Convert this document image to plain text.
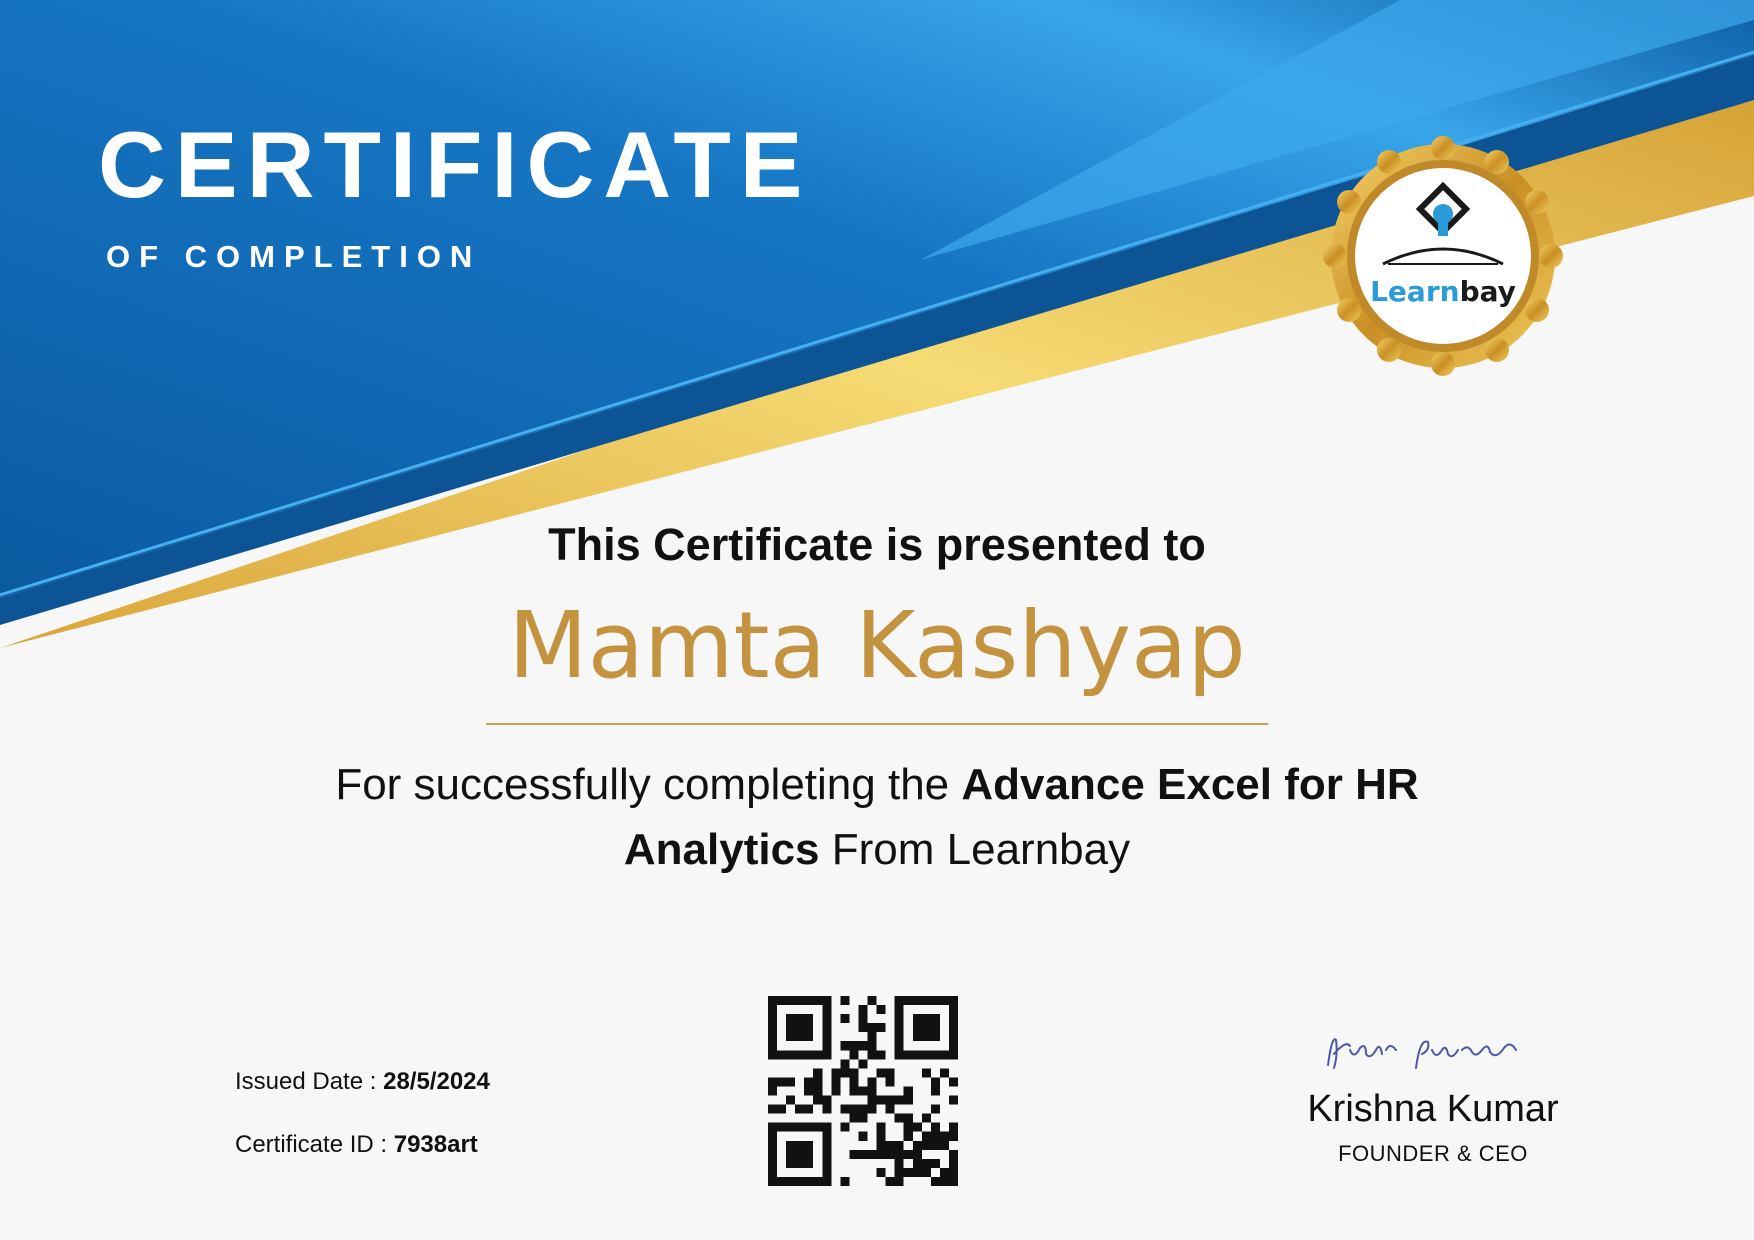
CERTIFICATE
OF COMPLETION
Learnbay
This Certificate is presented to
Mamta Kashyap
For successfully completing the Advance Excel for HR Analytics From Learnbay
Issued Date : 28/5/2024
Certificate ID : 7938art
Krishna Kumar
FOUNDER & CEO
